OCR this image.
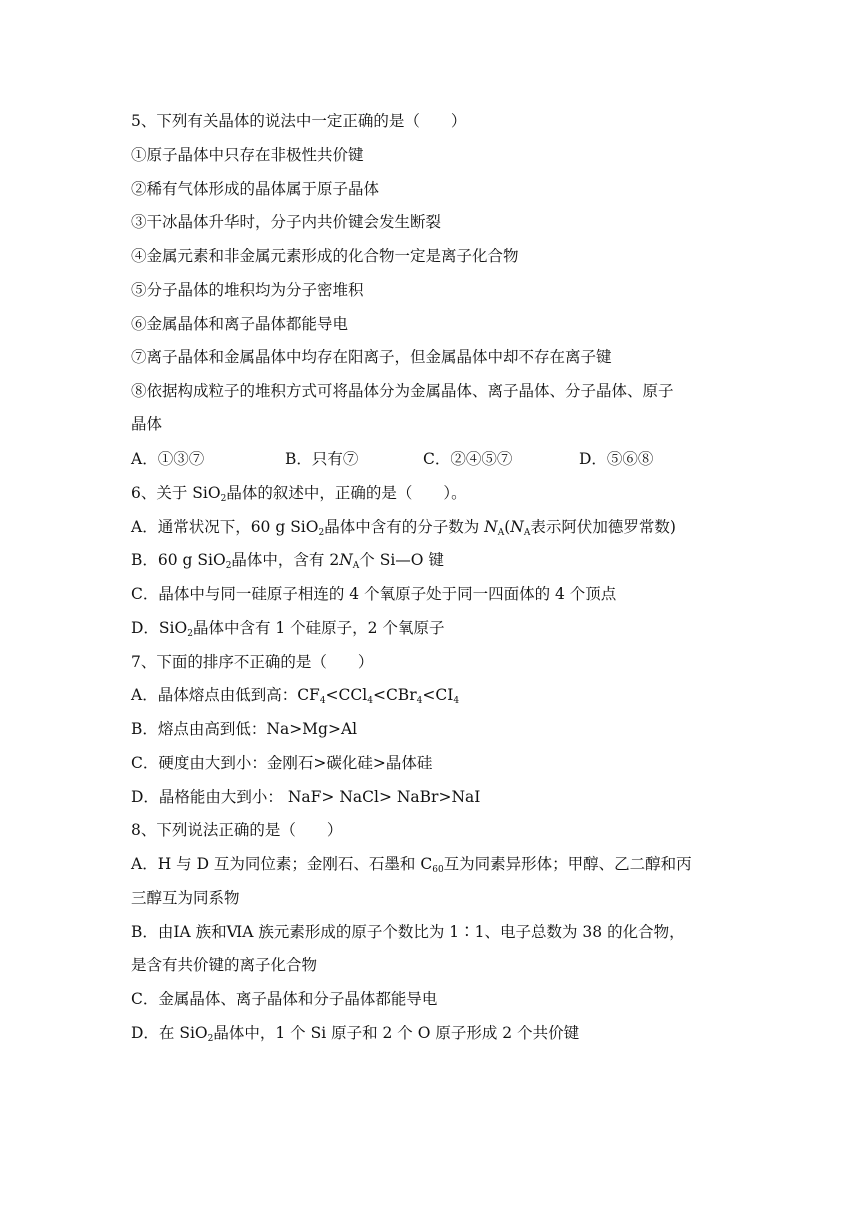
5、下列有关晶体的说法中一定正确的是（　　）
①原子晶体中只存在非极性共价键
②稀有气体形成的晶体属于原子晶体
③干冰晶体升华时，分子内共价键会发生断裂
④金属元素和非金属元素形成的化合物一定是离子化合物
⑤分子晶体的堆积均为分子密堆积
⑥金属晶体和离子晶体都能导电
⑦离子晶体和金属晶体中均存在阳离子，但金属晶体中却不存在离子键
⑧依据构成粒子的堆积方式可将晶体分为金属晶体、离子晶体、分子晶体、原子
晶体
A．①③⑦	B．只有⑦	C．②④⑤⑦	D．⑤⑥⑧
6、关于 SiO$_2$晶体的叙述中，正确的是（　　）。
A．通常状况下，60 g SiO$_2$晶体中含有的分子数为 $N_A(N_A$表示阿伏加德罗常数)
B．60 g SiO$_2$晶体中，含有 $2N_A$个 Si—O 键
C．晶体中与同一硅原子相连的 4 个氧原子处于同一四面体的 4 个顶点
D．SiO$_2$晶体中含有 1 个硅原子，2 个氧原子
7、下面的排序不正确的是（　　）
A．晶体熔点由低到高：$CF_4<CCl_4<CBr_4<CI_4$
B．熔点由高到低：Na>Mg>Al
C．硬度由大到小：金刚石>碳化硅>晶体硅
D．晶格能由大到小： NaF> NaCl> NaBr>NaI
8、下列说法正确的是（　　）
A．H 与 D 互为同位素；金刚石、石墨和 $C_{60}$互为同素异形体；甲醇、乙二醇和丙
三醇互为同系物
B．由ⅠA 族和ⅥA 族元素形成的原子个数比为 1∶1、电子总数为 38 的化合物，
是含有共价键的离子化合物
C．金属晶体、离子晶体和分子晶体都能导电
D．在 SiO$_2$晶体中，1 个 Si 原子和 2 个 O 原子形成 2 个共价键
